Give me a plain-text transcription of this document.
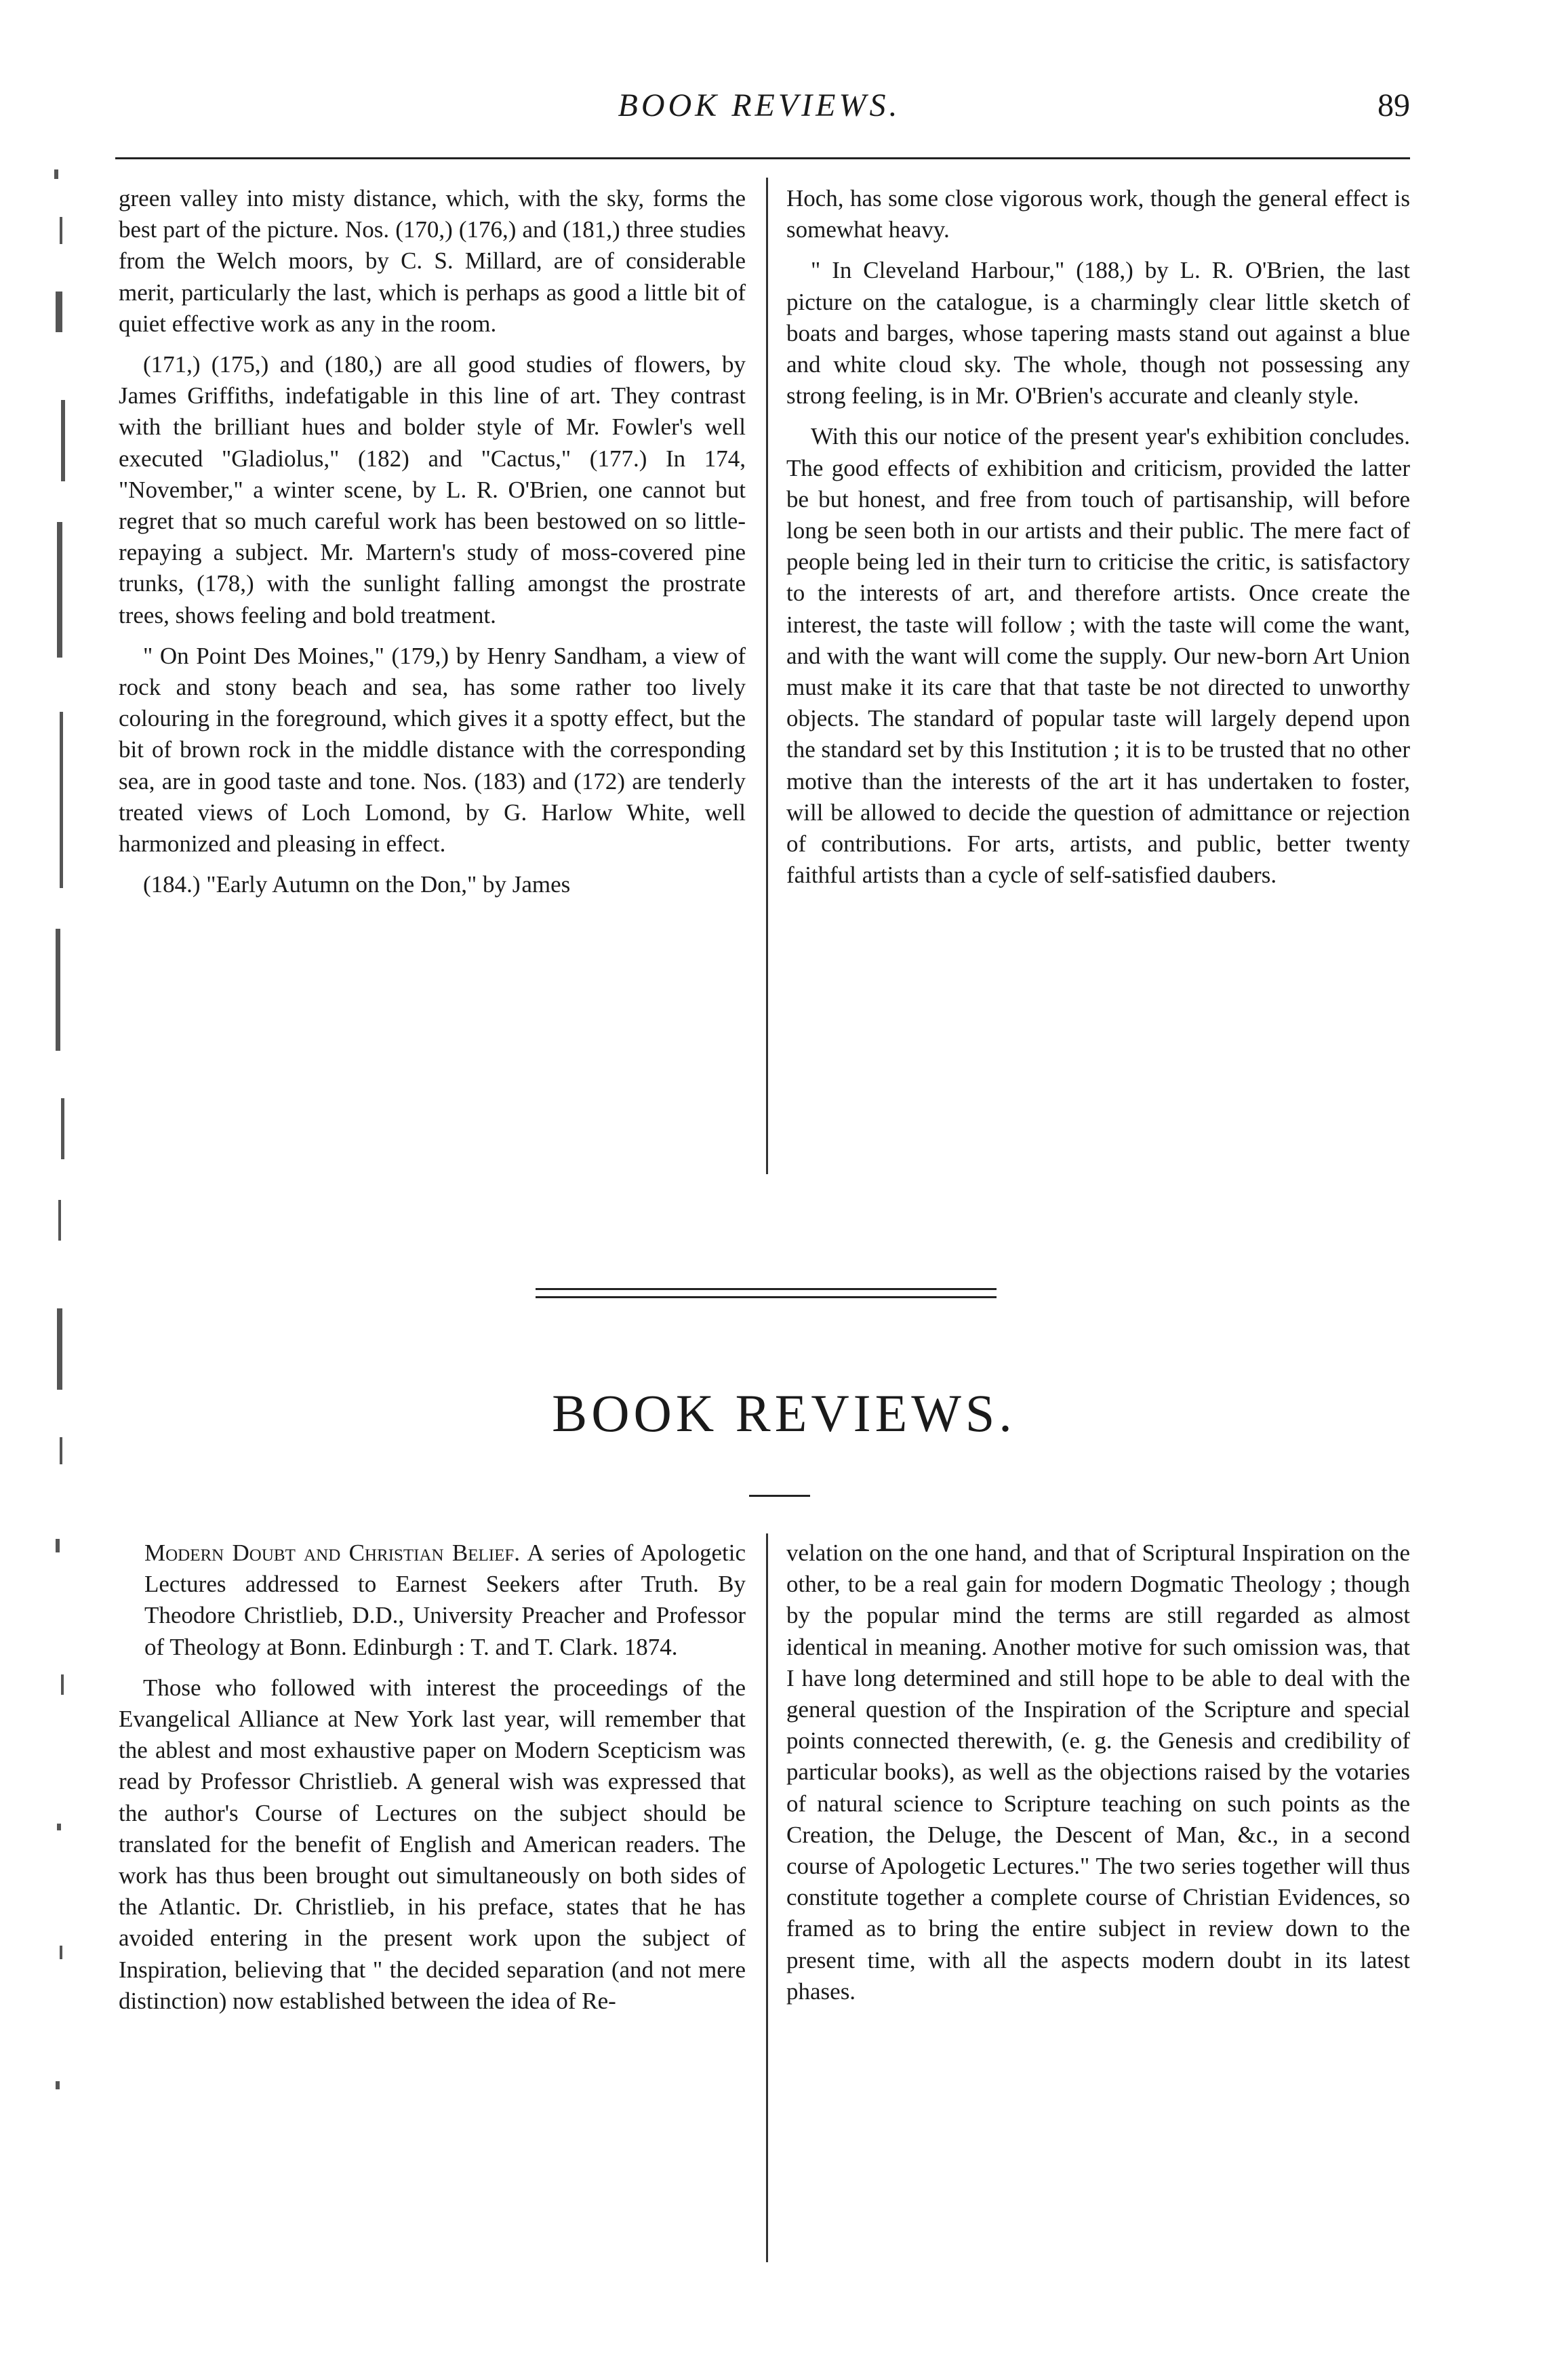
BOOK REVIEWS.	89

green valley into misty distance, which, with the sky, forms the best part of the picture. Nos. (170,) (176,) and (181,) three studies from the Welch moors, by C. S. Millard, are of considerable merit, particularly the last, which is perhaps as good a little bit of quiet effective work as any in the room.

(171,) (175,) and (180,) are all good studies of flowers, by James Griffiths, indefatigable in this line of art. They contrast with the brilliant hues and bolder style of Mr. Fowler's well executed "Gladiolus," (182) and "Cactus," (177.) In 174, "November," a winter scene, by L. R. O'Brien, one cannot but regret that so much careful work has been bestowed on so little-repaying a subject. Mr. Martern's study of moss-covered pine trunks, (178,) with the sunlight falling amongst the prostrate trees, shows feeling and bold treatment.

" On Point Des Moines," (179,) by Henry Sandham, a view of rock and stony beach and sea, has some rather too lively colouring in the foreground, which gives it a spotty effect, but the bit of brown rock in the middle distance with the corresponding sea, are in good taste and tone. Nos. (183) and (172) are tenderly treated views of Loch Lomond, by G. Harlow White, well harmonized and pleasing in effect.

(184.) "Early Autumn on the Don," by James

Hoch, has some close vigorous work, though the general effect is somewhat heavy.

" In Cleveland Harbour," (188,) by L. R. O'Brien, the last picture on the catalogue, is a charmingly clear little sketch of boats and barges, whose tapering masts stand out against a blue and white cloud sky. The whole, though not possessing any strong feeling, is in Mr. O'Brien's accurate and cleanly style.

With this our notice of the present year's exhibition concludes. The good effects of exhibition and criticism, provided the latter be but honest, and free from touch of partisanship, will before long be seen both in our artists and their public. The mere fact of people being led in their turn to criticise the critic, is satisfactory to the interests of art, and therefore artists. Once create the interest, the taste will follow ; with the taste will come the want, and with the want will come the supply. Our new-born Art Union must make it its care that that taste be not directed to unworthy objects. The standard of popular taste will largely depend upon the standard set by this Institution ; it is to be trusted that no other motive than the interests of the art it has undertaken to foster, will be allowed to decide the question of admittance or rejection of contributions. For arts, artists, and public, better twenty faithful artists than a cycle of self-satisfied daubers.

BOOK REVIEWS.

Modern Doubt and Christian Belief. A series of Apologetic Lectures addressed to Earnest Seekers after Truth. By Theodore Christlieb, D.D., University Preacher and Professor of Theology at Bonn. Edinburgh : T. and T. Clark. 1874.

Those who followed with interest the proceedings of the Evangelical Alliance at New York last year, will remember that the ablest and most exhaustive paper on Modern Scepticism was read by Professor Christlieb. A general wish was expressed that the author's Course of Lectures on the subject should be translated for the benefit of English and American readers. The work has thus been brought out simultaneously on both sides of the Atlantic. Dr. Christlieb, in his preface, states that he has avoided entering in the present work upon the subject of Inspiration, believing that " the decided separation (and not mere distinction) now established between the idea of Re-

velation on the one hand, and that of Scriptural Inspiration on the other, to be a real gain for modern Dogmatic Theology ; though by the popular mind the terms are still regarded as almost identical in meaning. Another motive for such omission was, that I have long determined and still hope to be able to deal with the general question of the Inspiration of the Scripture and special points connected therewith, (e. g. the Genesis and credibility of particular books), as well as the objections raised by the votaries of natural science to Scripture teaching on such points as the Creation, the Deluge, the Descent of Man, &c., in a second course of Apologetic Lectures." The two series together will thus constitute together a complete course of Christian Evidences, so framed as to bring the entire subject in review down to the present time, with all the aspects modern doubt in its latest phases.
